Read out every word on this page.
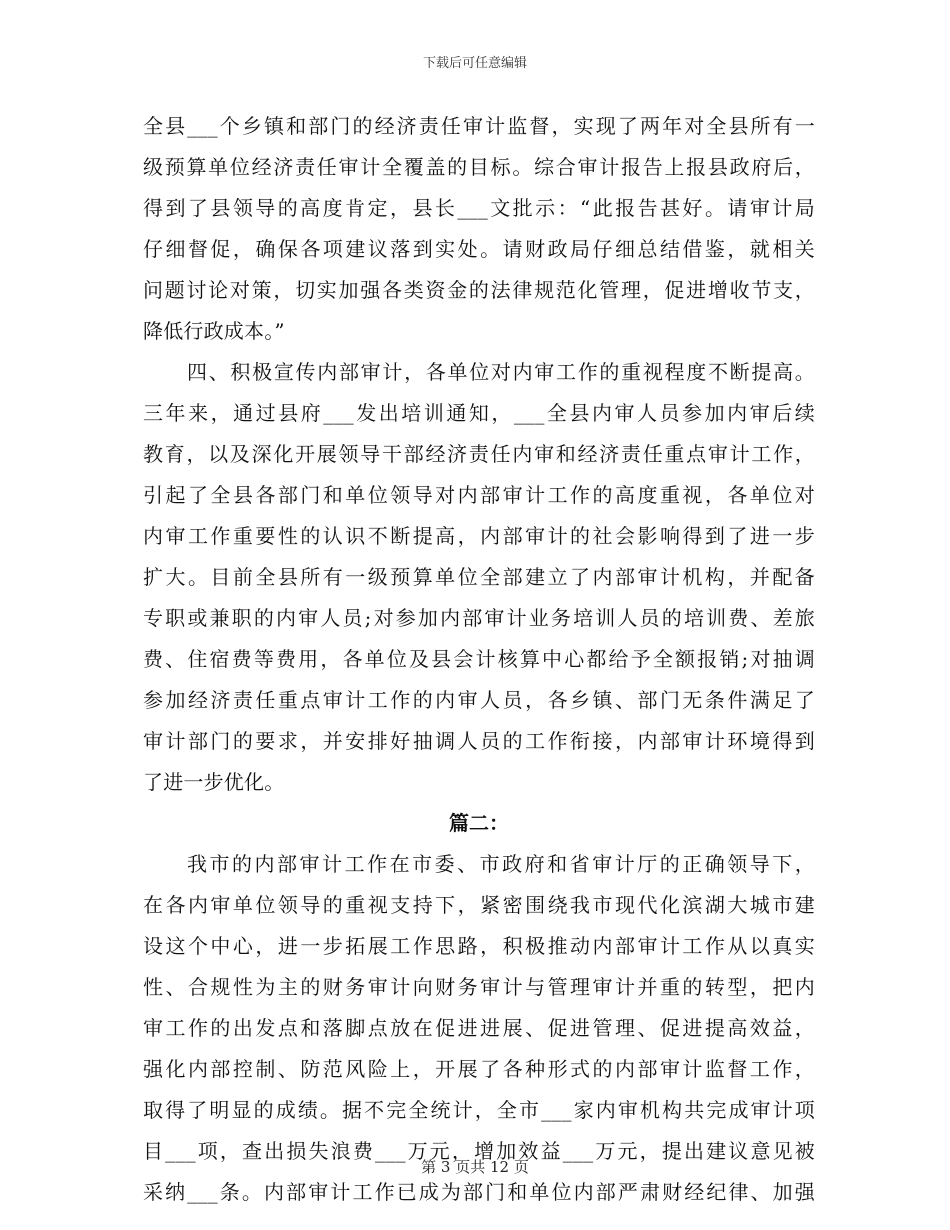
下载后可任意编辑
全县___个乡镇和部门的经济责任审计监督，实现了两年对全县所有一
级预算单位经济责任审计全覆盖的目标。综合审计报告上报县政府后，
得到了县领导的高度肯定，县长___文批示：“此报告甚好。请审计局
仔细督促，确保各项建议落到实处。请财政局仔细总结借鉴，就相关
问题讨论对策，切实加强各类资金的法律规范化管理，促进增收节支，
降低行政成本。”
四、积极宣传内部审计，各单位对内审工作的重视程度不断提高。
三年来，通过县府___发出培训通知，___全县内审人员参加内审后续
教育，以及深化开展领导干部经济责任内审和经济责任重点审计工作，
引起了全县各部门和单位领导对内部审计工作的高度重视，各单位对
内审工作重要性的认识不断提高，内部审计的社会影响得到了进一步
扩大。目前全县所有一级预算单位全部建立了内部审计机构，并配备
专职或兼职的内审人员;对参加内部审计业务培训人员的培训费、差旅
费、住宿费等费用，各单位及县会计核算中心都给予全额报销;对抽调
参加经济责任重点审计工作的内审人员，各乡镇、部门无条件满足了
审计部门的要求，并安排好抽调人员的工作衔接，内部审计环境得到
了进一步优化。
篇二：
我市的内部审计工作在市委、市政府和省审计厅的正确领导下，
在各内审单位领导的重视支持下，紧密围绕我市现代化滨湖大城市建
设这个中心，进一步拓展工作思路，积极推动内部审计工作从以真实
性、合规性为主的财务审计向财务审计与管理审计并重的转型，把内
审工作的出发点和落脚点放在促进进展、促进管理、促进提高效益，
强化内部控制、防范风险上，开展了各种形式的内部审计监督工作，
取得了明显的成绩。据不完全统计，全市___家内审机构共完成审计项
目___项，查出损失浪费___万元，增加效益___万元，提出建议意见被
采纳___条。内部审计工作已成为部门和单位内部严肃财经纪律、加强
第 3 页共 12 页
